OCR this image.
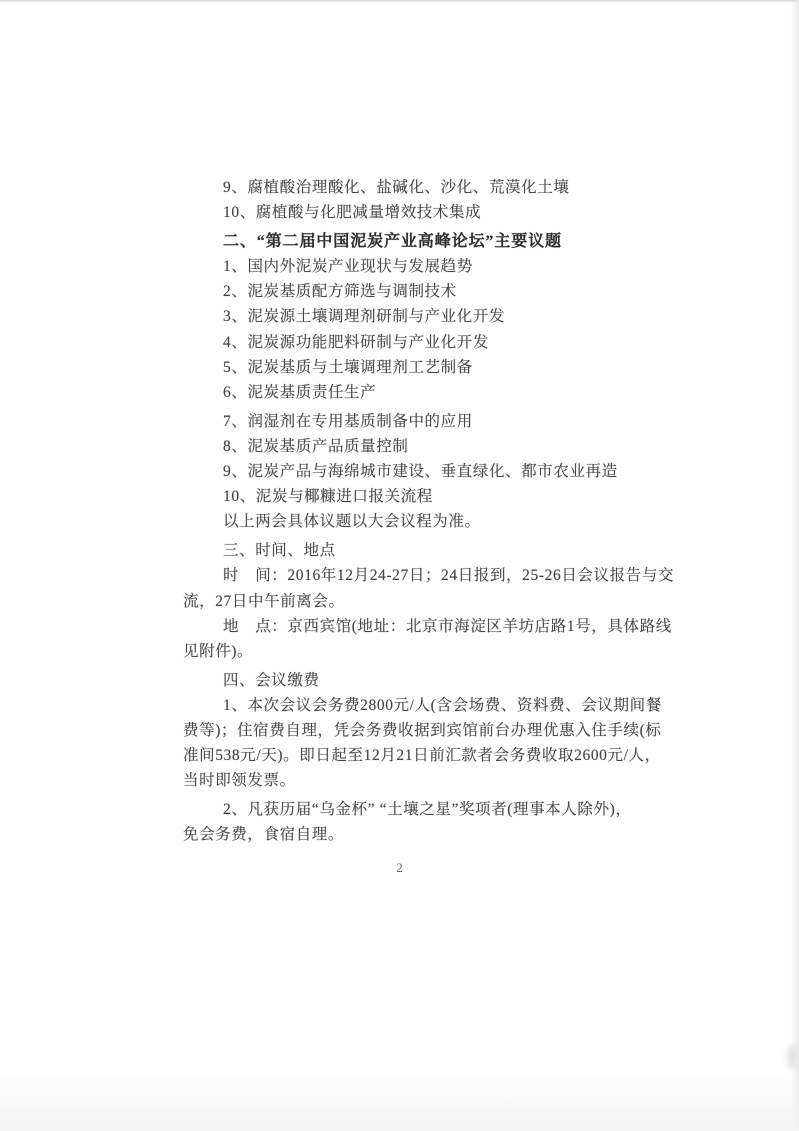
9、腐植酸治理酸化、盐碱化、沙化、荒漠化土壤
10、腐植酸与化肥减量增效技术集成
二、“第二届中国泥炭产业高峰论坛”主要议题
1、国内外泥炭产业现状与发展趋势
2、泥炭基质配方筛选与调制技术
3、泥炭源土壤调理剂研制与产业化开发
4、泥炭源功能肥料研制与产业化开发
5、泥炭基质与土壤调理剂工艺制备
6、泥炭基质责任生产
7、润湿剂在专用基质制备中的应用
8、泥炭基质产品质量控制
9、泥炭产品与海绵城市建设、垂直绿化、都市农业再造
10、泥炭与椰糠进口报关流程
以上两会具体议题以大会议程为准。
三、时间、地点
时　间：2016年12月24-27日；24日报到，25-26日会议报告与交
流，27日中午前离会。
地　点：京西宾馆(地址：北京市海淀区羊坊店路1号，具体路线
见附件)。
四、会议缴费
1、本次会议会务费2800元/人(含会场费、资料费、会议期间餐
费等)；住宿费自理，凭会务费收据到宾馆前台办理优惠入住手续(标
准间538元/天)。即日起至12月21日前汇款者会务费收取2600元/人，
当时即领发票。
2、凡获历届“乌金杯” “土壤之星”奖项者(理事本人除外)，
免会务费，食宿自理。
2
